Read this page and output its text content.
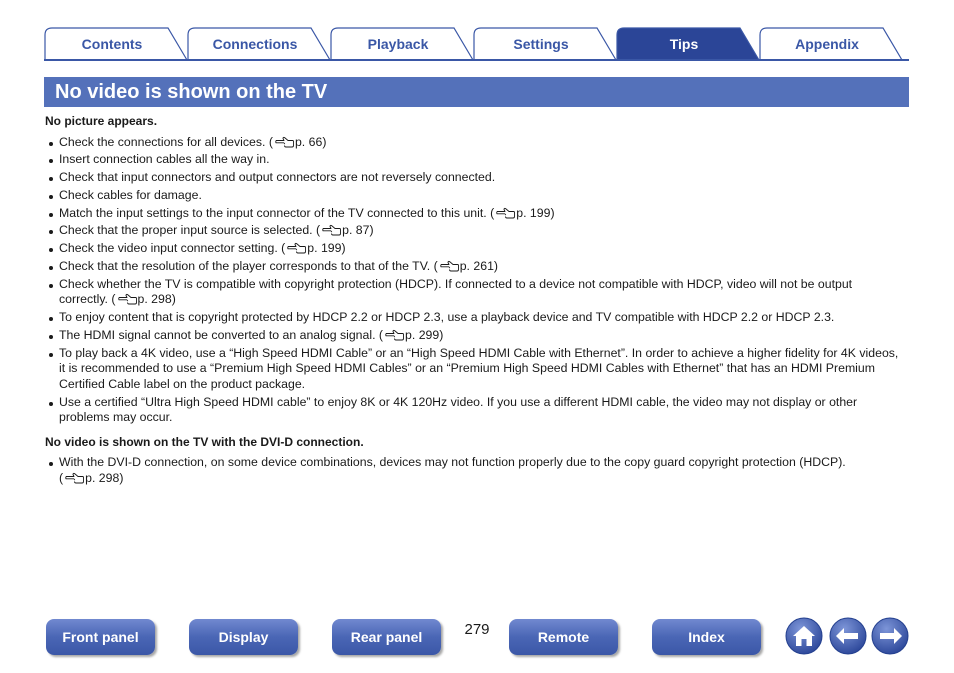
Contents	Connections	Playback	Settings	Tips	Appendix
No video is shown on the TV
No picture appears.
Check the connections for all devices. ( p. 66)
Insert connection cables all the way in.
Check that input connectors and output connectors are not reversely connected.
Check cables for damage.
Match the input settings to the input connector of the TV connected to this unit. ( p. 199)
Check that the proper input source is selected. ( p. 87)
Check the video input connector setting. ( p. 199)
Check that the resolution of the player corresponds to that of the TV. ( p. 261)
Check whether the TV is compatible with copyright protection (HDCP). If connected to a device not compatible with HDCP, video will not be output correctly. ( p. 298)
To enjoy content that is copyright protected by HDCP 2.2 or HDCP 2.3, use a playback device and TV compatible with HDCP 2.2 or HDCP 2.3.
The HDMI signal cannot be converted to an analog signal. ( p. 299)
To play back a 4K video, use a “High Speed HDMI Cable” or an “High Speed HDMI Cable with Ethernet”. In order to achieve a higher fidelity for 4K videos, it is recommended to use a “Premium High Speed HDMI Cables” or an “Premium High Speed HDMI Cables with Ethernet” that has an HDMI Premium Certified Cable label on the product package.
Use a certified “Ultra High Speed HDMI cable” to enjoy 8K or 4K 120Hz video. If you use a different HDMI cable, the video may not display or other problems may occur.
No video is shown on the TV with the DVI-D connection.
With the DVI-D connection, on some device combinations, devices may not function properly due to the copy guard copyright protection (HDCP). ( p. 298)
Front panel	Display	Rear panel	279	Remote	Index
